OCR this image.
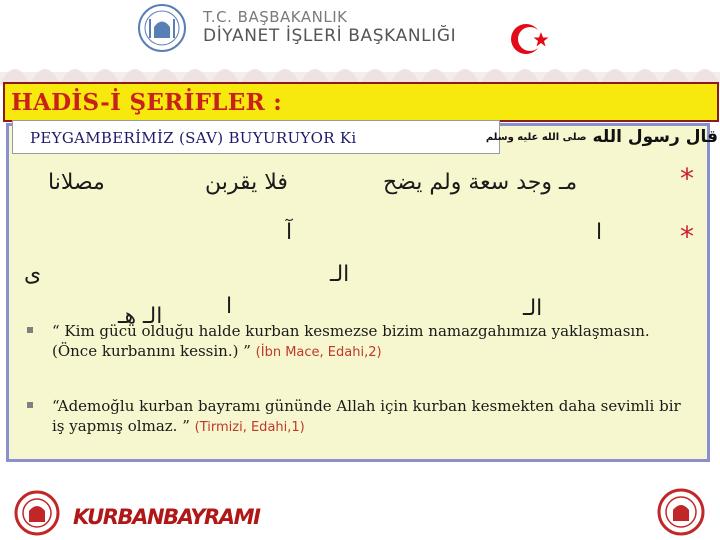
T.C. BAŞBAKANLIK
DİYANET İŞLERİ BAŞKANLIĞI
HADİS-İ ŞERİFLER :
PEYGAMBERİMİZ (SAV) BUYURUYOR Ki	صلى الله عليه وسلم قال رسول الله
مـ وجد سعة ولم يضح
فلا يقربن
مصلانا
آ	ا
ى	الـ
الـ
ا
الـ هـ
*
*
“ Kim gücü olduğu halde kurban kesmezse bizim namazgahımıza yaklaşmasın. (Önce kurbanını kessin.) ” (İbn Mace, Edahi,2)
“Ademoğlu kurban bayramı gününde Allah için kurban kesmekten daha sevimli bir iş yapmış olmaz. ” (Tirmizi, Edahi,1)
KURBANBAYRAMI
